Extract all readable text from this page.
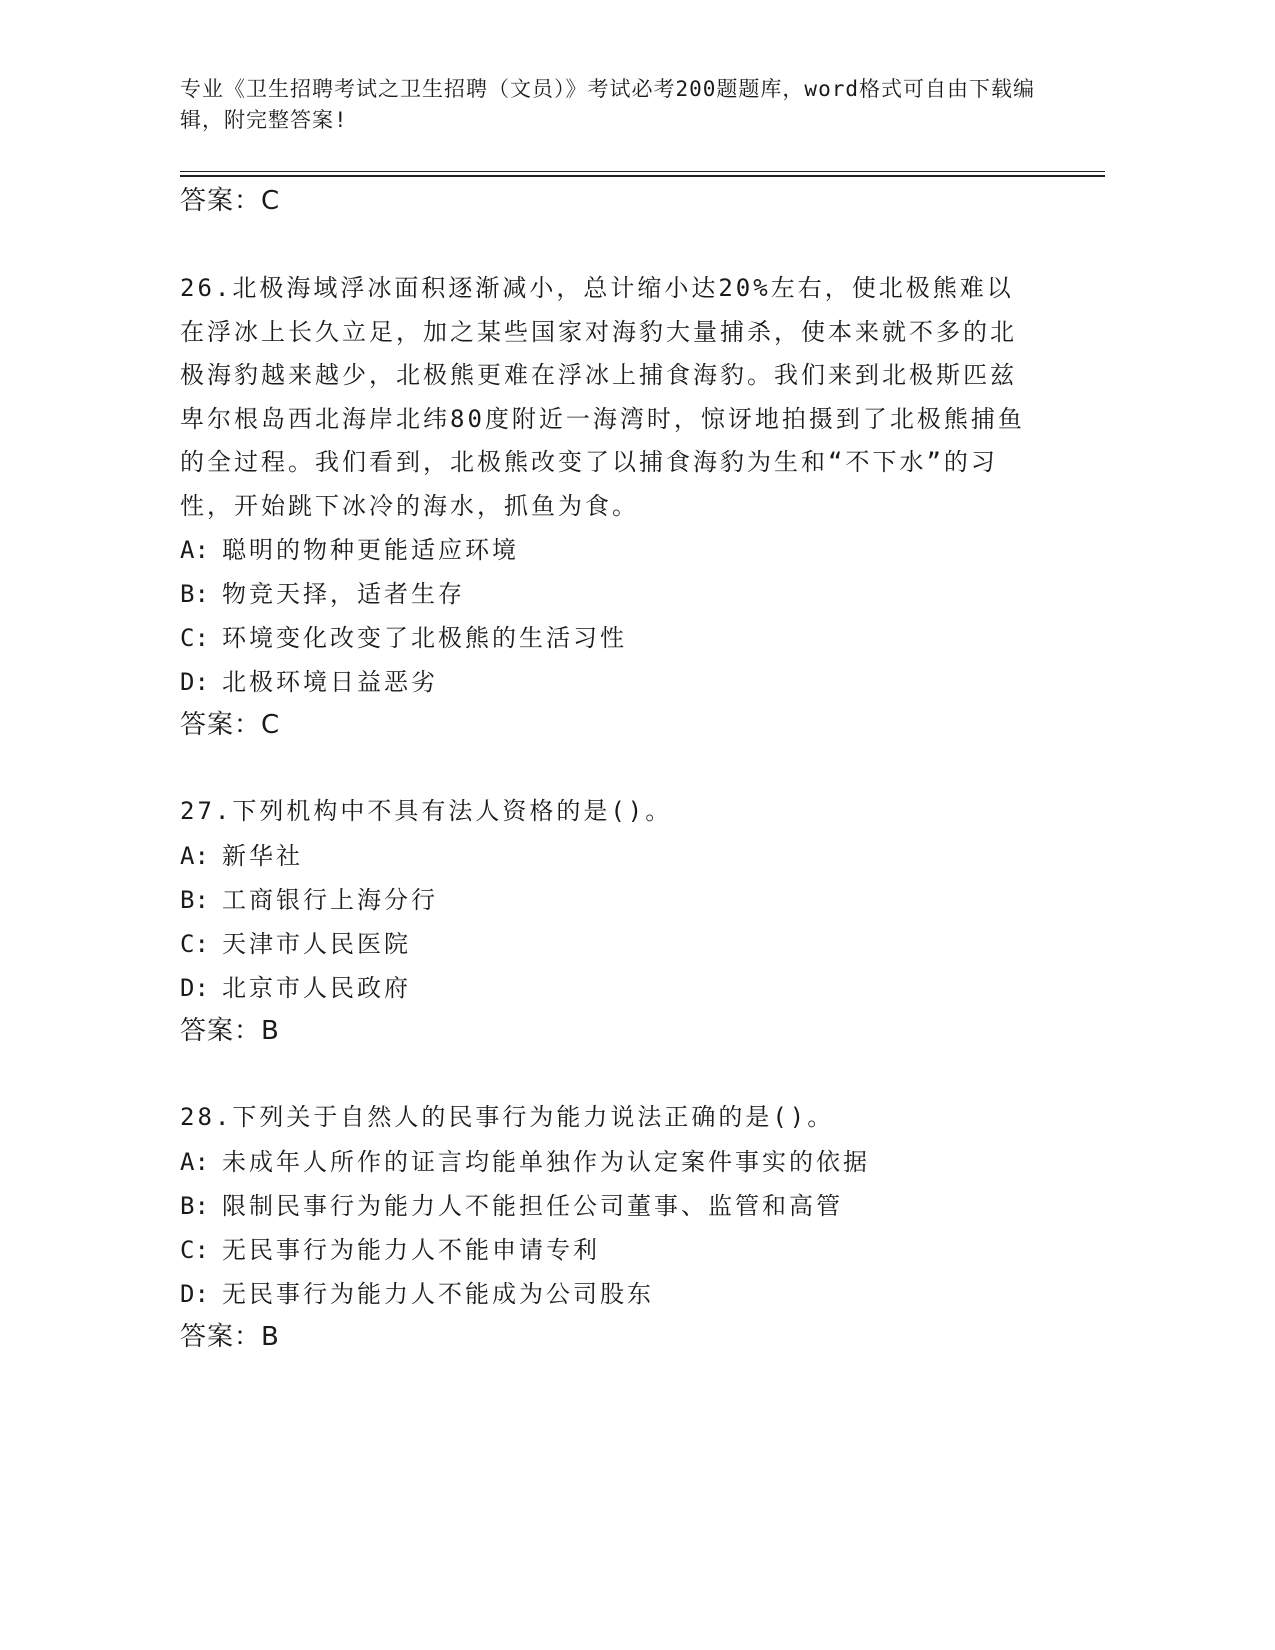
专业《卫生招聘考试之卫生招聘（文员）》考试必考200题题库，word格式可自由下载编辑，附完整答案!

答案：C

26.北极海域浮冰面积逐渐减小，总计缩小达20%左右，使北极熊难以在浮冰上长久立足，加之某些国家对海豹大量捕杀，使本来就不多的北极海豹越来越少，北极熊更难在浮冰上捕食海豹。我们来到北极斯匹兹卑尔根岛西北海岸北纬80度附近一海湾时，惊讶地拍摄到了北极熊捕鱼的全过程。我们看到，北极熊改变了以捕食海豹为生和“不下水”的习性，开始跳下冰冷的海水，抓鱼为食。

A: 聪明的物种更能适应环境

B: 物竞天择，适者生存

C: 环境变化改变了北极熊的生活习性

D: 北极环境日益恶劣

答案：C

27.下列机构中不具有法人资格的是()。

A: 新华社

B: 工商银行上海分行

C: 天津市人民医院

D: 北京市人民政府

答案：B

28.下列关于自然人的民事行为能力说法正确的是()。

A: 未成年人所作的证言均能单独作为认定案件事实的依据

B: 限制民事行为能力人不能担任公司董事、监管和高管

C: 无民事行为能力人不能申请专利

D: 无民事行为能力人不能成为公司股东

答案：B
